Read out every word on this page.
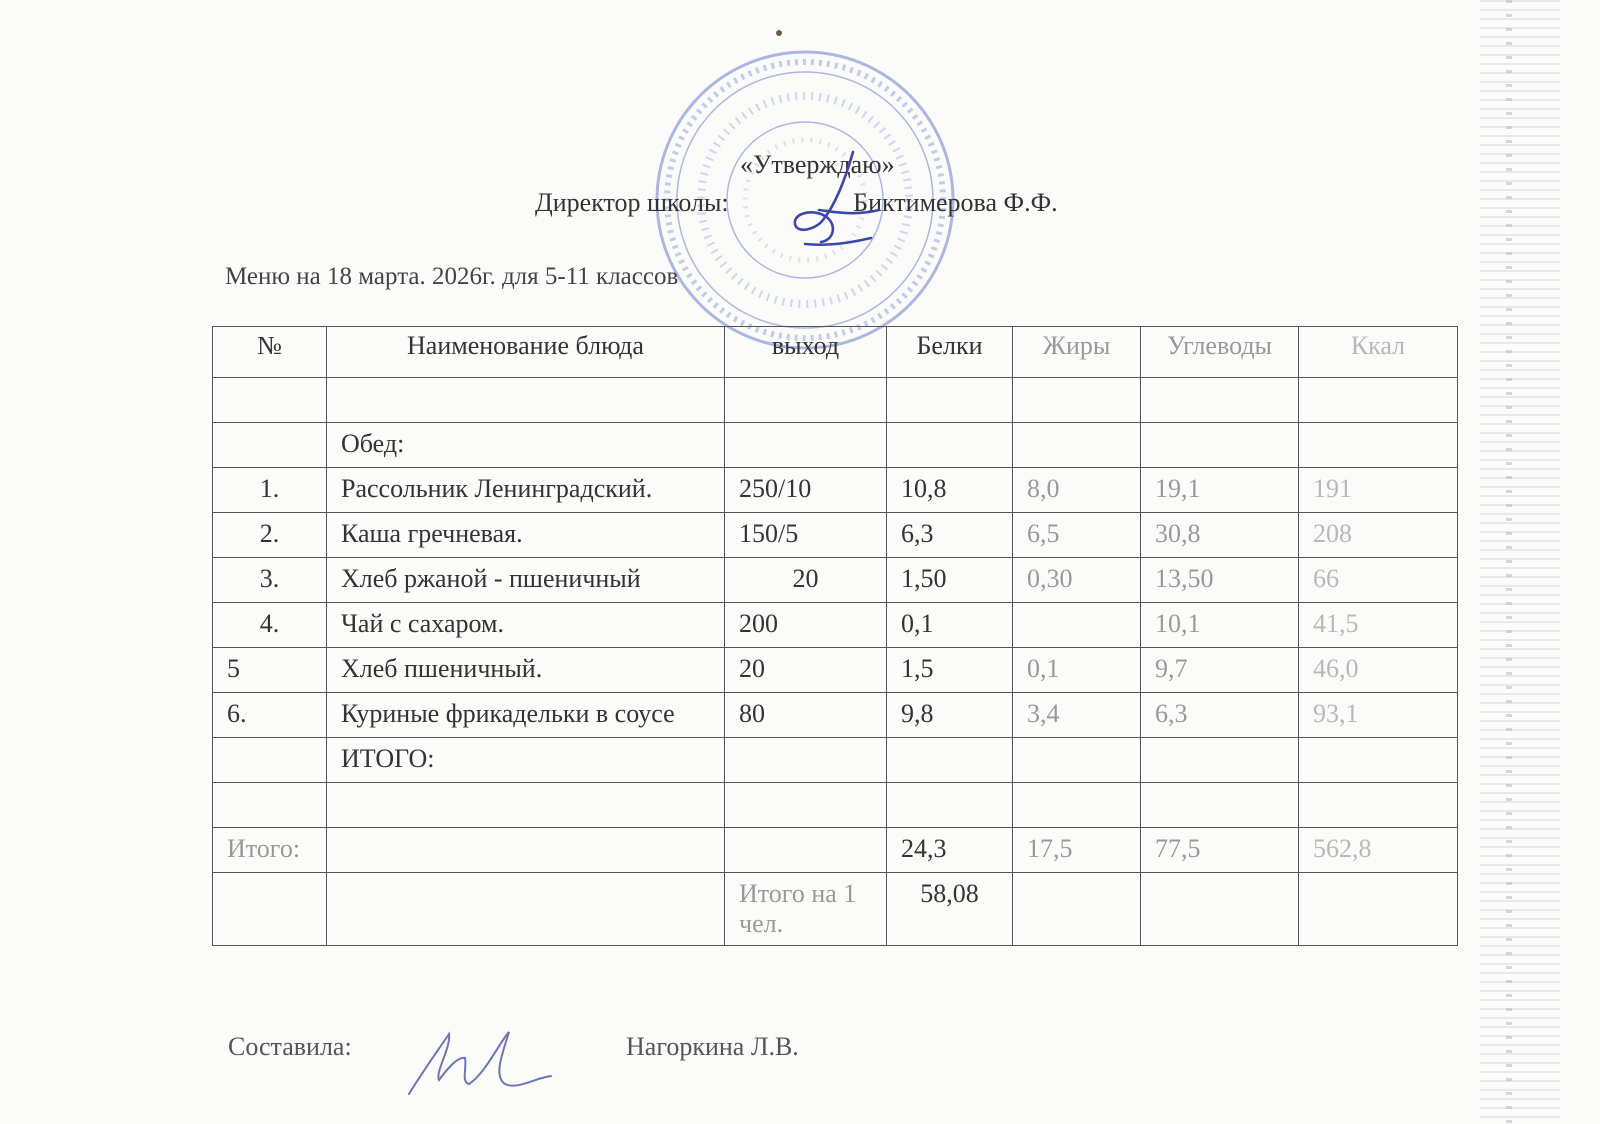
«Утверждаю»
Директор школы:	Биктимерова Ф.Ф.
Меню на 18 марта. 2026г. для 5-11 классов
№	Наименование блюда	выход	Белки	Жиры	Углеводы	Ккал

	Обед:					
1.	Рассольник Ленинградский.	250/10	10,8	8,0	19,1	191
2.	Каша гречневая.	150/5	6,3	6,5	30,8	208
3.	Хлеб ржаной - пшеничный	20	1,50	0,30	13,50	66
4.	Чай с сахаром.	200	0,1		10,1	41,5
5	Хлеб пшеничный.	20	1,5	0,1	9,7	46,0
6.	Куриные фрикадельки в соусе	80	9,8	3,4	6,3	93,1
	ИТОГО:					

Итого:			24,3	17,5	77,5	562,8
		Итого на 1 чел.	58,08			
Составила:	Нагоркина Л.В.
